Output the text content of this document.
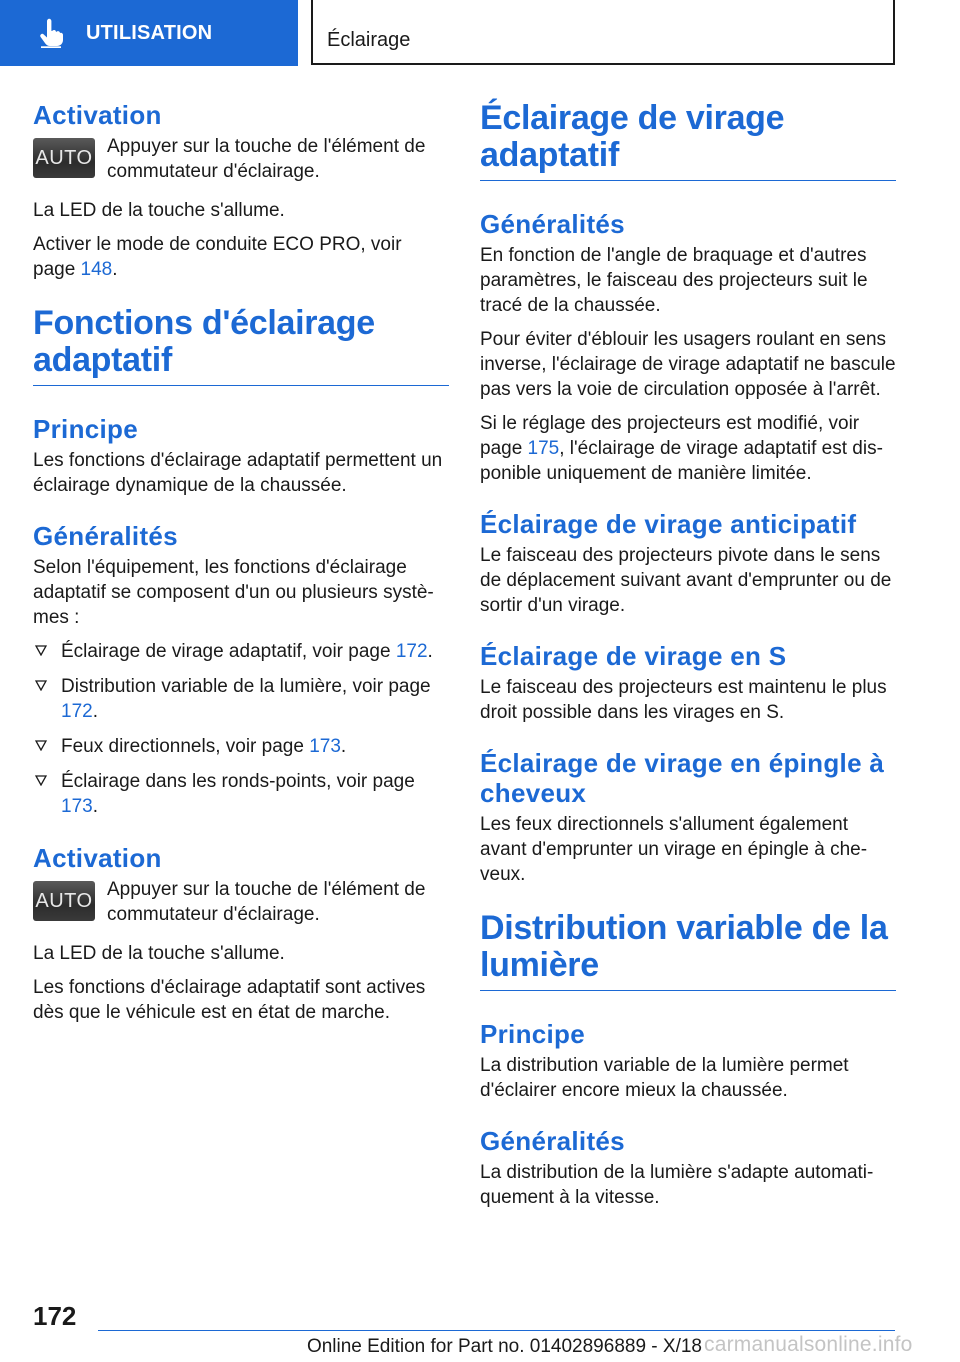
UTILISATION	Éclairage
Activation
AUTO Appuyer sur la touche de l'élément de commutateur d'éclairage.

La LED de la touche s'allume.

Activer le mode de conduite ECO PRO, voir page 148.

Fonctions d'éclairage adaptatif
Principe

Les fonctions d'éclairage adaptatif permettent un éclairage dynamique de la chaussée.

Généralités

Selon l'équipement, les fonctions d'éclairage adaptatif se composent d'un ou plusieurs systè‐ mes :

Éclairage de virage adaptatif, voir page 172.
Distribution variable de la lumière, voir page 172.
Feux directionnels, voir page 173.
Éclairage dans les ronds-points, voir page 173.
Activation
AUTO Appuyer sur la touche de l'élément de commutateur d'éclairage.

La LED de la touche s'allume.

Les fonctions d'éclairage adaptatif sont actives dès que le véhicule est en état de marche.

Éclairage de virage adaptatif
Généralités

En fonction de l'angle de braquage et d'autres paramètres, le faisceau des projecteurs suit le tracé de la chaussée.

Pour éviter d'éblouir les usagers roulant en sens inverse, l'éclairage de virage adaptatif ne bascule pas vers la voie de circulation opposée à l'arrêt.

Si le réglage des projecteurs est modifié, voir page 175, l'éclairage de virage adaptatif est dis‐ ponible uniquement de manière limitée.

Éclairage de virage anticipatif

Le faisceau des projecteurs pivote dans le sens de déplacement suivant avant d'emprunter ou de sortir d'un virage.

Éclairage de virage en S

Le faisceau des projecteurs est maintenu le plus droit possible dans les virages en S.

Éclairage de virage en épingle à cheveux

Les feux directionnels s'allument également avant d'emprunter un virage en épingle à che‐ veux.

Distribution variable de la lumière
Principe

La distribution variable de la lumière permet d'éclairer encore mieux la chaussée.

Généralités

La distribution de la lumière s'adapte automati‐ quement à la vitesse.

172
Online Edition for Part no. 01402896889 - X/18 carmanualsonline.info
